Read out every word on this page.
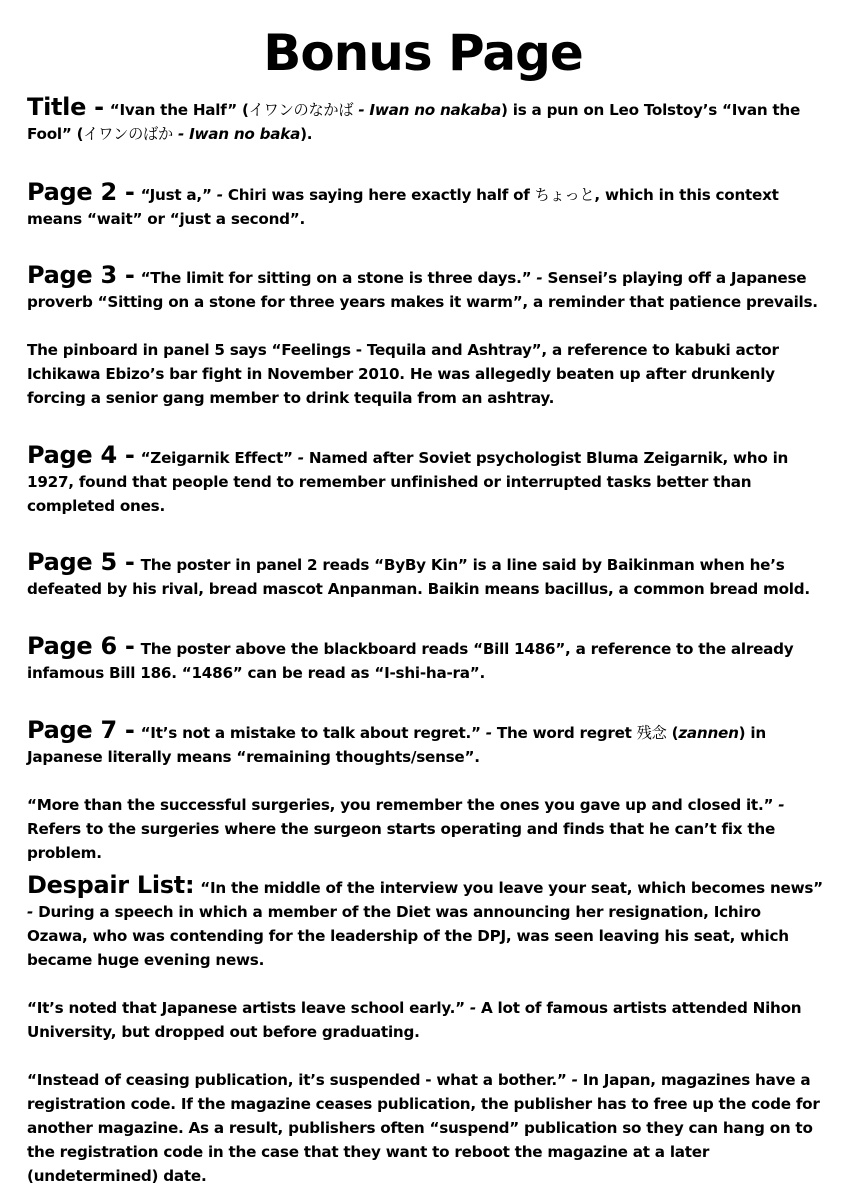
Bonus Page

Title - “Ivan the Half” (イワンのなかば - Iwan no nakaba) is a pun on Leo Tolstoy’s “Ivan the Fool” (イワンのばか - Iwan no baka).

Page 2 - “Just a,” - Chiri was saying here exactly half of ちょっと, which in this context means “wait” or “just a second”.

Page 3 - “The limit for sitting on a stone is three days.” - Sensei’s playing off a Japanese proverb “Sitting on a stone for three years makes it warm”, a reminder that patience prevails.

The pinboard in panel 5 says “Feelings - Tequila and Ashtray”, a reference to kabuki actor Ichikawa Ebizo’s bar fight in November 2010. He was allegedly beaten up after drunkenly forcing a senior gang member to drink tequila from an ashtray.

Page 4 - “Zeigarnik Effect” - Named after Soviet psychologist Bluma Zeigarnik, who in 1927, found that people tend to remember unfinished or interrupted tasks better than completed ones.

Page 5 - The poster in panel 2 reads “ByBy Kin” is a line said by Baikinman when he’s defeated by his rival, bread mascot Anpanman. Baikin means bacillus, a common bread mold.

Page 6 - The poster above the blackboard reads “Bill 1486”, a reference to the already infamous Bill 186. “1486” can be read as “I-shi-ha-ra”.

Page 7 - “It’s not a mistake to talk about regret.” - The word regret 残念 (zannen) in Japanese literally means “remaining thoughts/sense”.

“More than the successful surgeries, you remember the ones you gave up and closed it.” -Refers to the surgeries where the surgeon starts operating and finds that he can’t fix the problem.

Despair List: “In the middle of the interview you leave your seat, which becomes news” - During a speech in which a member of the Diet was announcing her resignation, Ichiro Ozawa, who was contending for the leadership of the DPJ, was seen leaving his seat, which became huge evening news.

“It’s noted that Japanese artists leave school early.” - A lot of famous artists attended Nihon University, but dropped out before graduating.

“Instead of ceasing publication, it’s suspended - what a bother.” - In Japan, magazines have a registration code. If the magazine ceases publication, the publisher has to free up the code for another magazine. As a result, publishers often “suspend” publication so they can hang on to the registration code in the case that they want to reboot the magazine at a later (undetermined) date.
